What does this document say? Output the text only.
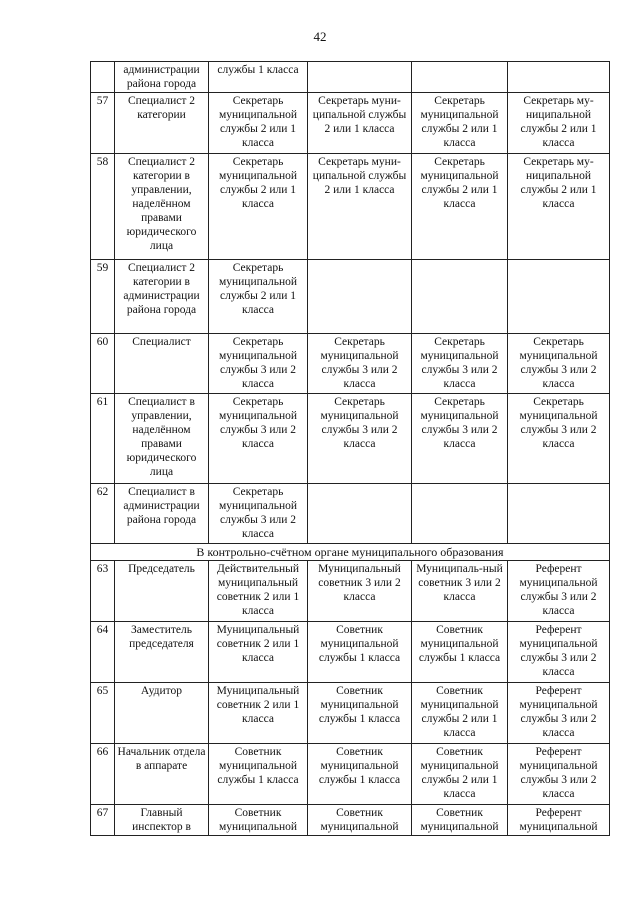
42
	администрации района города	службы 1 класса			
57	Специалист 2 категории	Секретарь муниципальной службы 2 или 1 класса	Секретарь муни-ципальной службы 2 или 1 класса	Секретарь муниципальной службы 2 или 1 класса	Секретарь му-ниципальной службы 2 или 1 класса
58	Специалист 2 категории в управлении, наделённом правами юридического лица	Секретарь муниципальной службы 2 или 1 класса	Секретарь муни-ципальной службы 2 или 1 класса	Секретарь муниципальной службы 2 или 1 класса	Секретарь му-ниципальной службы 2 или 1 класса
59	Специалист 2 категории в администрации района города	Секретарь муниципальной службы 2 или 1 класса			
60	Специалист	Секретарь муниципальной службы 3 или 2 класса	Секретарь муниципальной службы 3 или 2 класса	Секретарь муниципальной службы 3 или 2 класса	Секретарь муниципальной службы 3 или 2 класса
61	Специалист в управлении, наделённом правами юридического лица	Секретарь муниципальной службы 3 или 2 класса	Секретарь муниципальной службы 3 или 2 класса	Секретарь муниципальной службы 3 или 2 класса	Секретарь муниципальной службы 3 или 2 класса
62	Специалист в администрации района города	Секретарь муниципальной службы 3 или 2 класса			
В контрольно-счётном органе муниципального образования					
63	Председатель	Действительный муниципальный советник 2 или 1 класса	Муниципальный советник 3 или 2 класса	Муниципаль-ный советник 3 или 2 класса	Референт муниципальной службы 3 или 2 класса
64	Заместитель председателя	Муниципальный советник 2 или 1 класса	Советник муниципальной службы 1 класса	Советник муниципальной службы 1 класса	Референт муниципальной службы 3 или 2 класса
65	Аудитор	Муниципальный советник 2 или 1 класса	Советник муниципальной службы 1 класса	Советник муниципальной службы 2 или 1 класса	Референт муниципальной службы 3 или 2 класса
66	Начальник отдела в аппарате	Советник муниципальной службы 1 класса	Советник муниципальной службы 1 класса	Советник муниципальной службы 2 или 1 класса	Референт муниципальной службы 3 или 2 класса
67	Главный инспектор в	Советник муниципальной	Советник муниципальной	Советник муниципальной	Референт муниципальной
